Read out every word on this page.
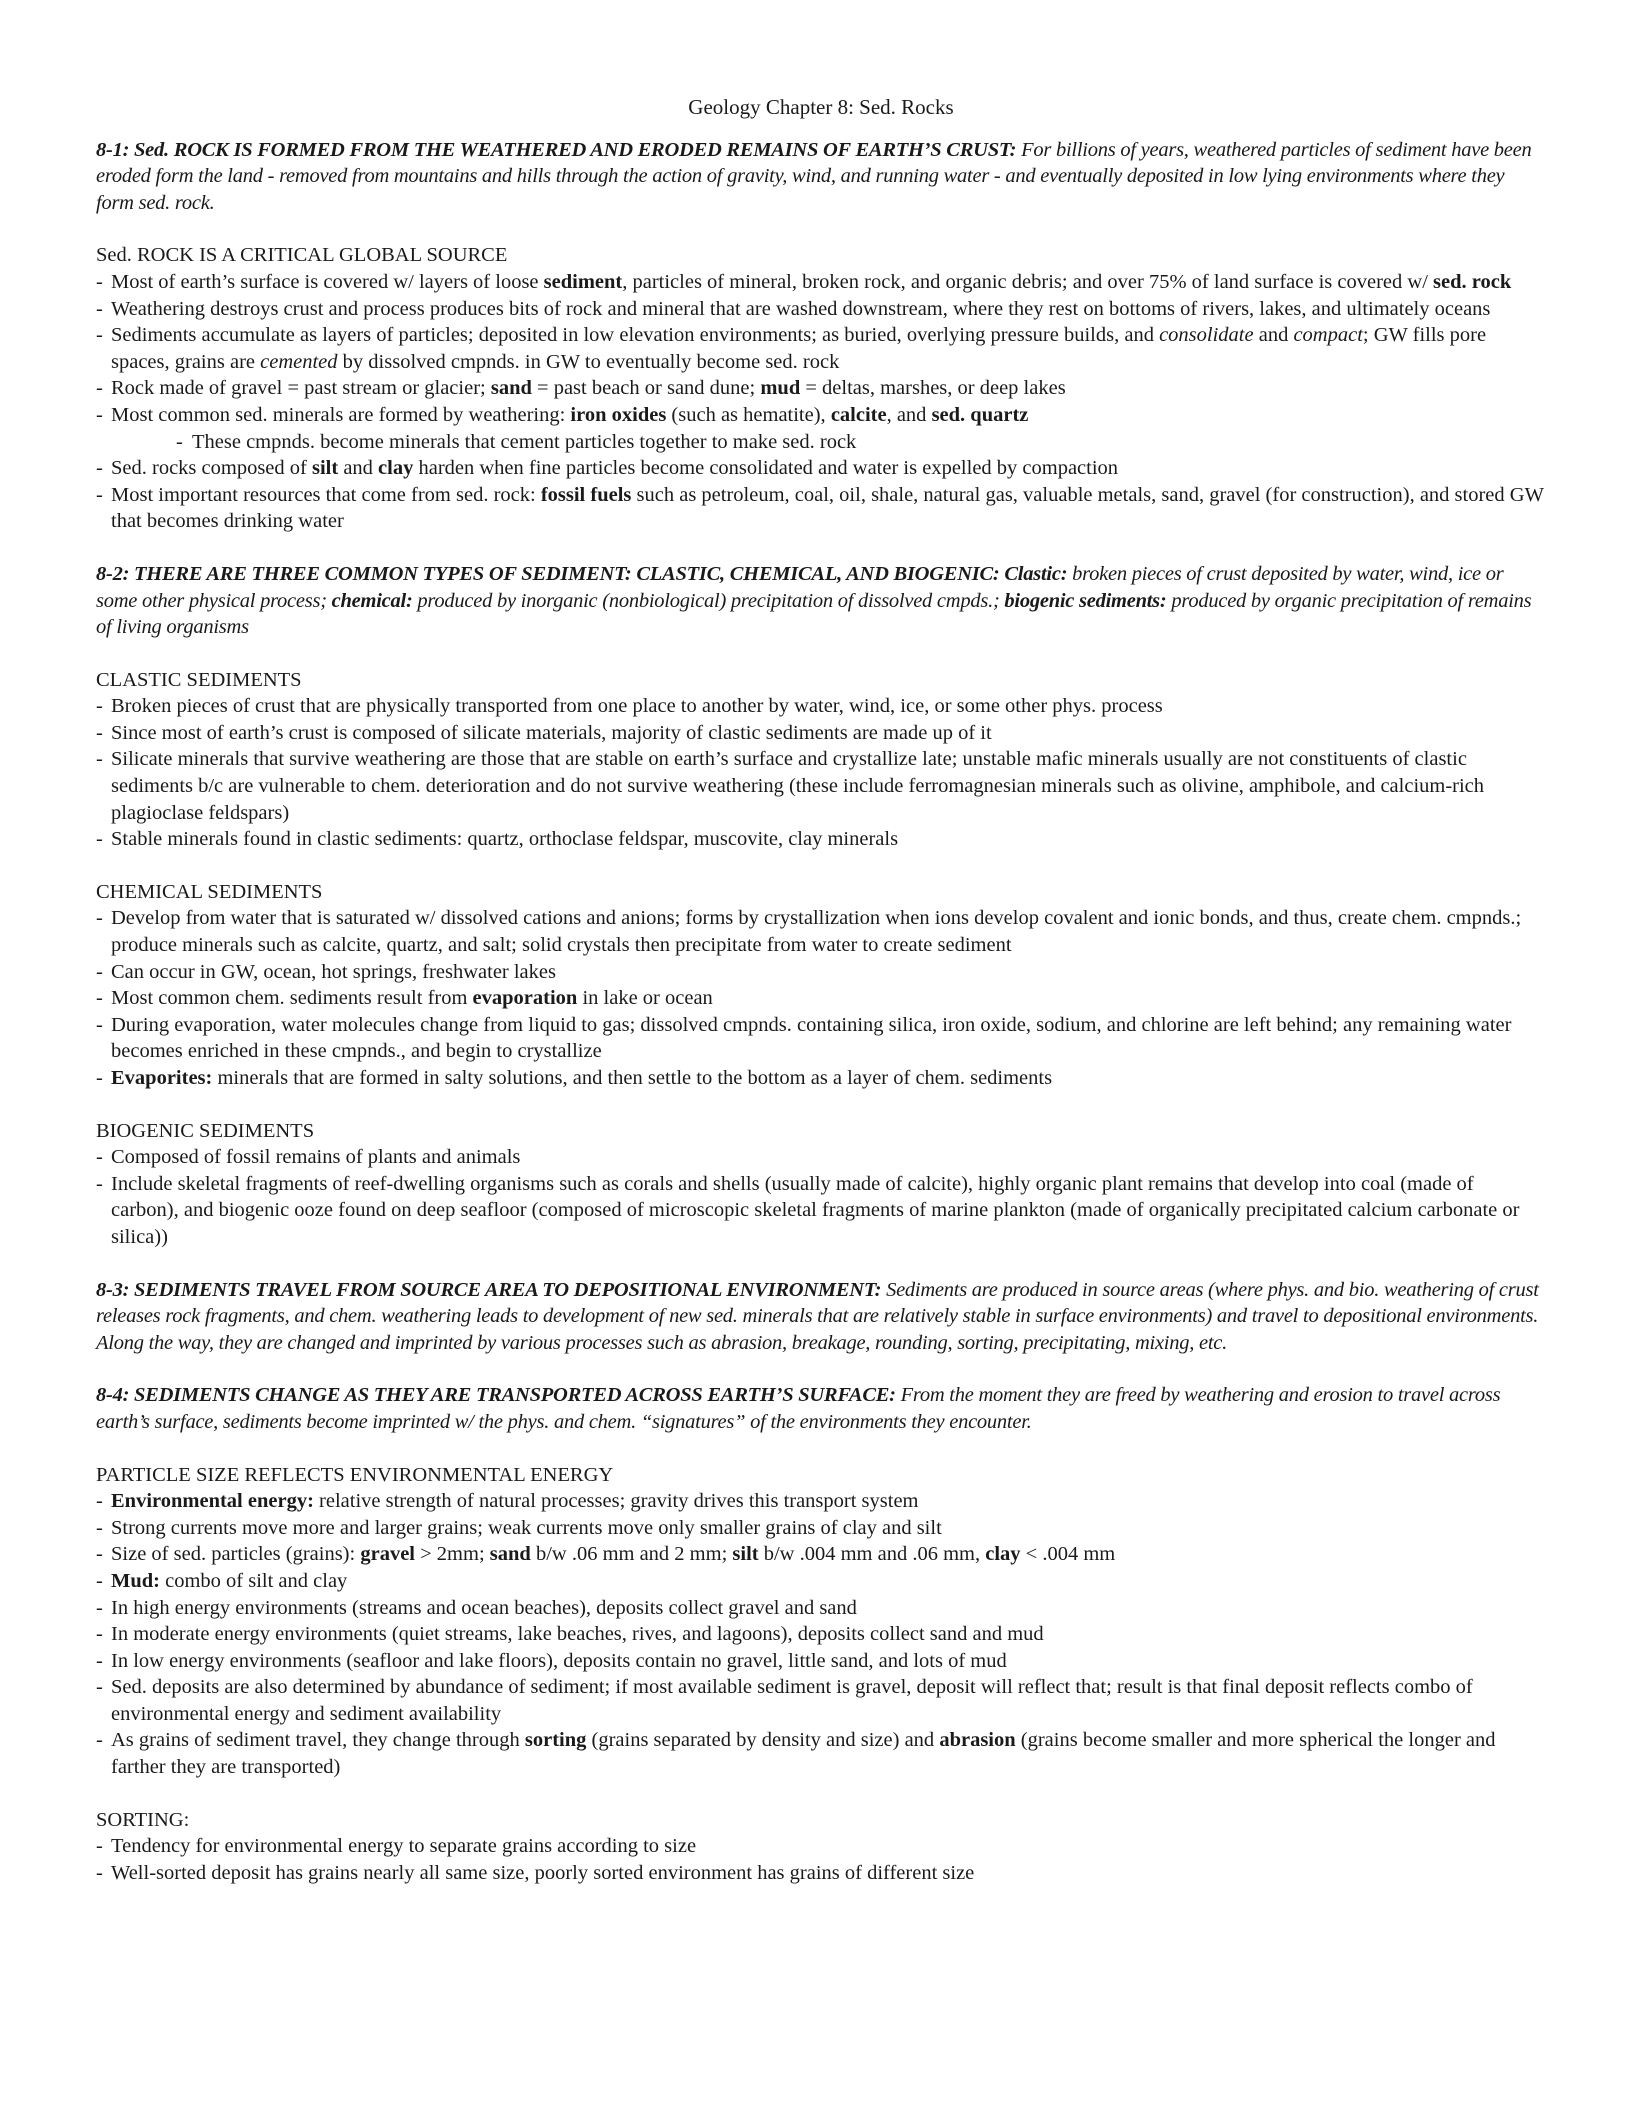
Geology Chapter 8: Sed. Rocks

8-1: Sed. ROCK IS FORMED FROM THE WEATHERED AND ERODED REMAINS OF EARTH’S CRUST: For billions of years, weathered particles of sediment have been eroded form the land - removed from mountains and hills through the action of gravity, wind, and running water - and eventually deposited in low lying environments where they form sed. rock.

Sed. ROCK IS A CRITICAL GLOBAL SOURCE

- Most of earth’s surface is covered w/ layers of loose sediment, particles of mineral, broken rock, and organic debris; and over 75% of land surface is covered w/ sed. rock
- Weathering destroys crust and process produces bits of rock and mineral that are washed downstream, where they rest on bottoms of rivers, lakes, and ultimately oceans
- Sediments accumulate as layers of particles; deposited in low elevation environments; as buried, overlying pressure builds, and consolidate and compact; GW fills pore spaces, grains are cemented by dissolved cmpnds. in GW to eventually become sed. rock
- Rock made of gravel = past stream or glacier; sand = past beach or sand dune; mud = deltas, marshes, or deep lakes
- Most common sed. minerals are formed by weathering: iron oxides (such as hematite), calcite, and sed. quartz
- These cmpnds. become minerals that cement particles together to make sed. rock
- Sed. rocks composed of silt and clay harden when fine particles become consolidated and water is expelled by compaction
- Most important resources that come from sed. rock: fossil fuels such as petroleum, coal, oil, shale, natural gas, valuable metals, sand, gravel (for construction), and stored GW that becomes drinking water

8-2: THERE ARE THREE COMMON TYPES OF SEDIMENT: CLASTIC, CHEMICAL, AND BIOGENIC: Clastic: broken pieces of crust deposited by water, wind, ice or some other physical process; chemical: produced by inorganic (nonbiological) precipitation of dissolved cmpds.; biogenic sediments: produced by organic precipitation of remains of living organisms

CLASTIC SEDIMENTS

- Broken pieces of crust that are physically transported from one place to another by water, wind, ice, or some other phys. process
- Since most of earth’s crust is composed of silicate materials, majority of clastic sediments are made up of it
- Silicate minerals that survive weathering are those that are stable on earth’s surface and crystallize late; unstable mafic minerals usually are not constituents of clastic sediments b/c are vulnerable to chem. deterioration and do not survive weathering (these include ferromagnesian minerals such as olivine, amphibole, and calcium-rich plagioclase feldspars)
- Stable minerals found in clastic sediments: quartz, orthoclase feldspar, muscovite, clay minerals

CHEMICAL SEDIMENTS

- Develop from water that is saturated w/ dissolved cations and anions; forms by crystallization when ions develop covalent and ionic bonds, and thus, create chem. cmpnds.; produce minerals such as calcite, quartz, and salt; solid crystals then precipitate from water to create sediment
- Can occur in GW, ocean, hot springs, freshwater lakes
- Most common chem. sediments result from evaporation in lake or ocean
- During evaporation, water molecules change from liquid to gas; dissolved cmpnds. containing silica, iron oxide, sodium, and chlorine are left behind; any remaining water becomes enriched in these cmpnds., and begin to crystallize
- Evaporites: minerals that are formed in salty solutions, and then settle to the bottom as a layer of chem. sediments

BIOGENIC SEDIMENTS

- Composed of fossil remains of plants and animals
- Include skeletal fragments of reef-dwelling organisms such as corals and shells (usually made of calcite), highly organic plant remains that develop into coal (made of carbon), and biogenic ooze found on deep seafloor (composed of microscopic skeletal fragments of marine plankton (made of organically precipitated calcium carbonate or silica))

8-3: SEDIMENTS TRAVEL FROM SOURCE AREA TO DEPOSITIONAL ENVIRONMENT: Sediments are produced in source areas (where phys. and bio. weathering of crust releases rock fragments, and chem. weathering leads to development of new sed. minerals that are relatively stable in surface environments) and travel to depositional environments. Along the way, they are changed and imprinted by various processes such as abrasion, breakage, rounding, sorting, precipitating, mixing, etc.

8-4: SEDIMENTS CHANGE AS THEY ARE TRANSPORTED ACROSS EARTH’S SURFACE: From the moment they are freed by weathering and erosion to travel across earth’s surface, sediments become imprinted w/ the phys. and chem. “signatures” of the environments they encounter.

PARTICLE SIZE REFLECTS ENVIRONMENTAL ENERGY

- Environmental energy: relative strength of natural processes; gravity drives this transport system
- Strong currents move more and larger grains; weak currents move only smaller grains of clay and silt
- Size of sed. particles (grains): gravel > 2mm; sand b/w .06 mm and 2 mm; silt b/w .004 mm and .06 mm, clay < .004 mm
- Mud: combo of silt and clay
- In high energy environments (streams and ocean beaches), deposits collect gravel and sand
- In moderate energy environments (quiet streams, lake beaches, rives, and lagoons), deposits collect sand and mud
- In low energy environments (seafloor and lake floors), deposits contain no gravel, little sand, and lots of mud
- Sed. deposits are also determined by abundance of sediment; if most available sediment is gravel, deposit will reflect that; result is that final deposit reflects combo of environmental energy and sediment availability
- As grains of sediment travel, they change through sorting (grains separated by density and size) and abrasion (grains become smaller and more spherical the longer and farther they are transported)

SORTING:

- Tendency for environmental energy to separate grains according to size
- Well-sorted deposit has grains nearly all same size, poorly sorted environment has grains of different size
